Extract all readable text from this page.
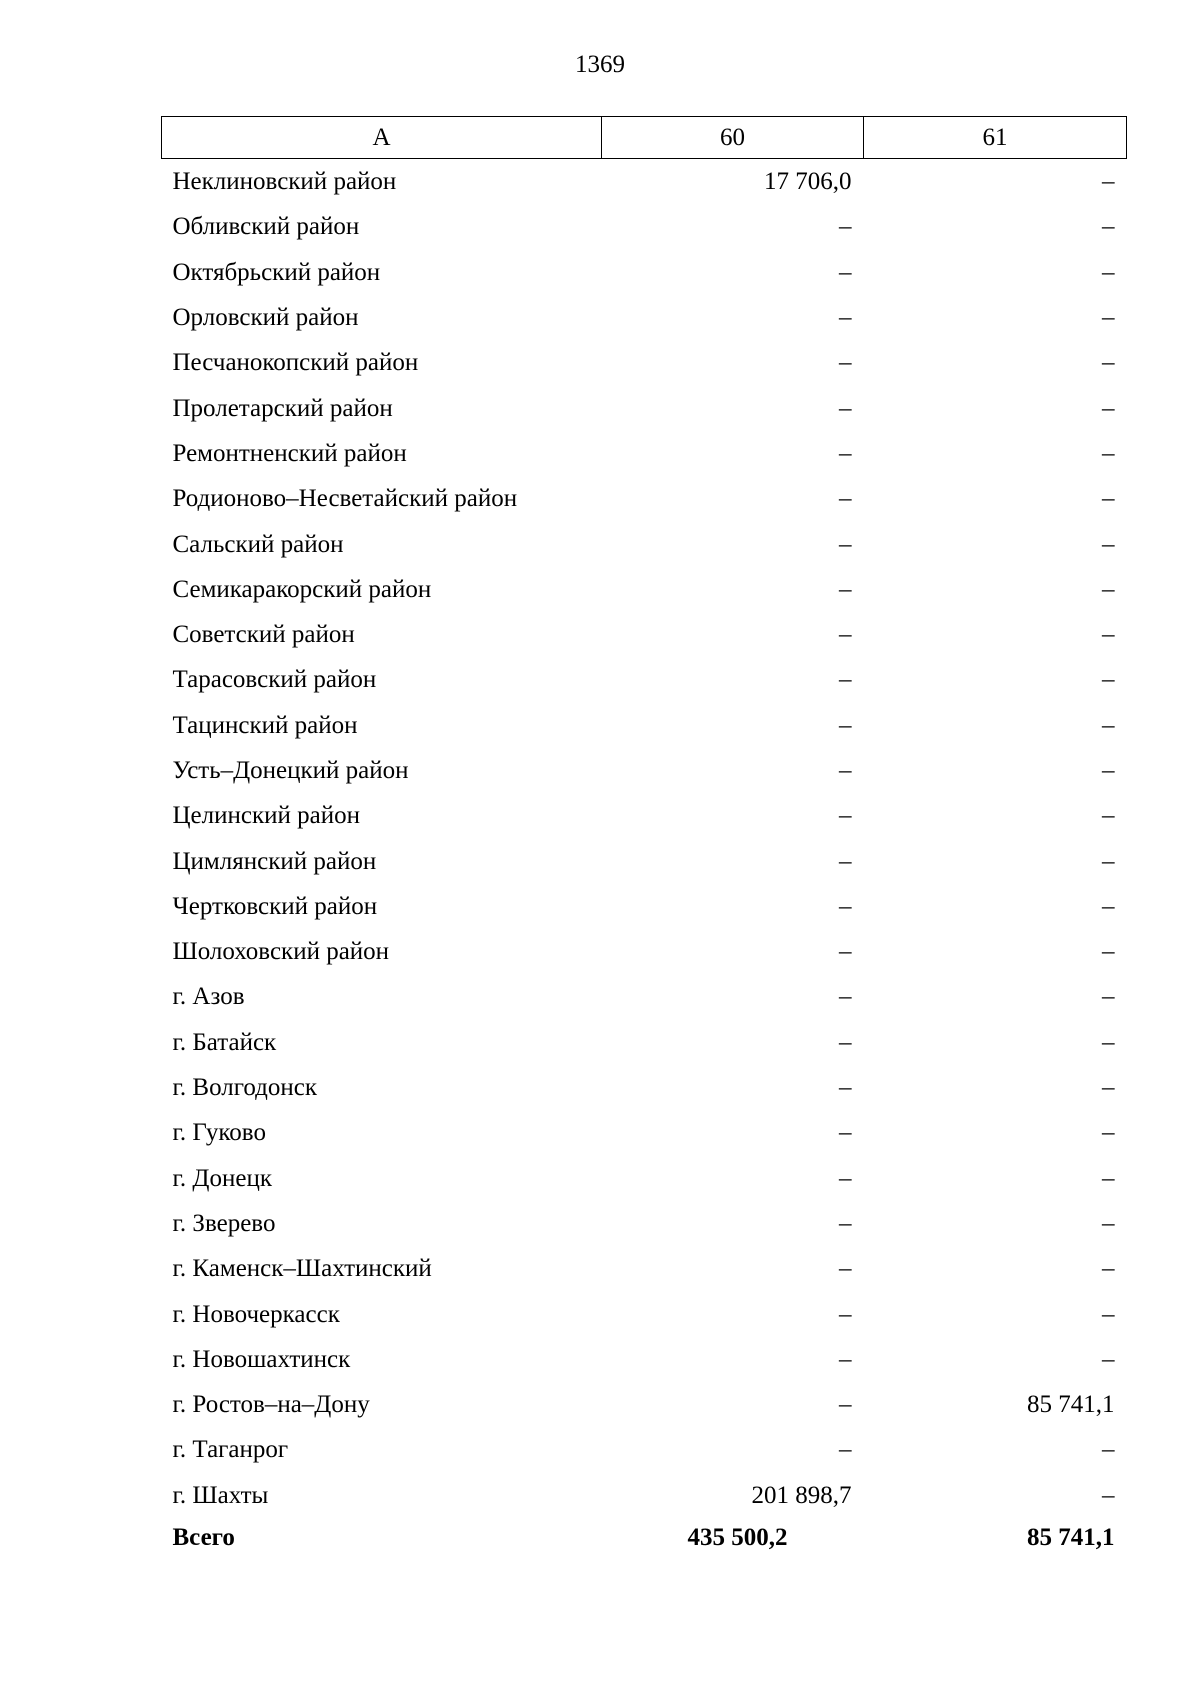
1369
А	60	61
Неклиновский район	17 706,0	–
Обливский район	–	–
Октябрьский район	–	–
Орловский район	–	–
Песчанокопский район	–	–
Пролетарский район	–	–
Ремонтненский район	–	–
Родионово–Несветайский район	–	–
Сальский район	–	–
Семикаракорский район	–	–
Советский район	–	–
Тарасовский район	–	–
Тацинский район	–	–
Усть–Донецкий район	–	–
Целинский район	–	–
Цимлянский район	–	–
Чертковский район	–	–
Шолоховский район	–	–
г. Азов	–	–
г. Батайск	–	–
г. Волгодонск	–	–
г. Гуково	–	–
г. Донецк	–	–
г. Зверево	–	–
г. Каменск–Шахтинский	–	–
г. Новочеркасск	–	–
г. Новошахтинск	–	–
г. Ростов–на–Дону	–	85 741,1
г. Таганрог	–	–
г. Шахты	201 898,7	–
Всего	435 500,2	85 741,1
